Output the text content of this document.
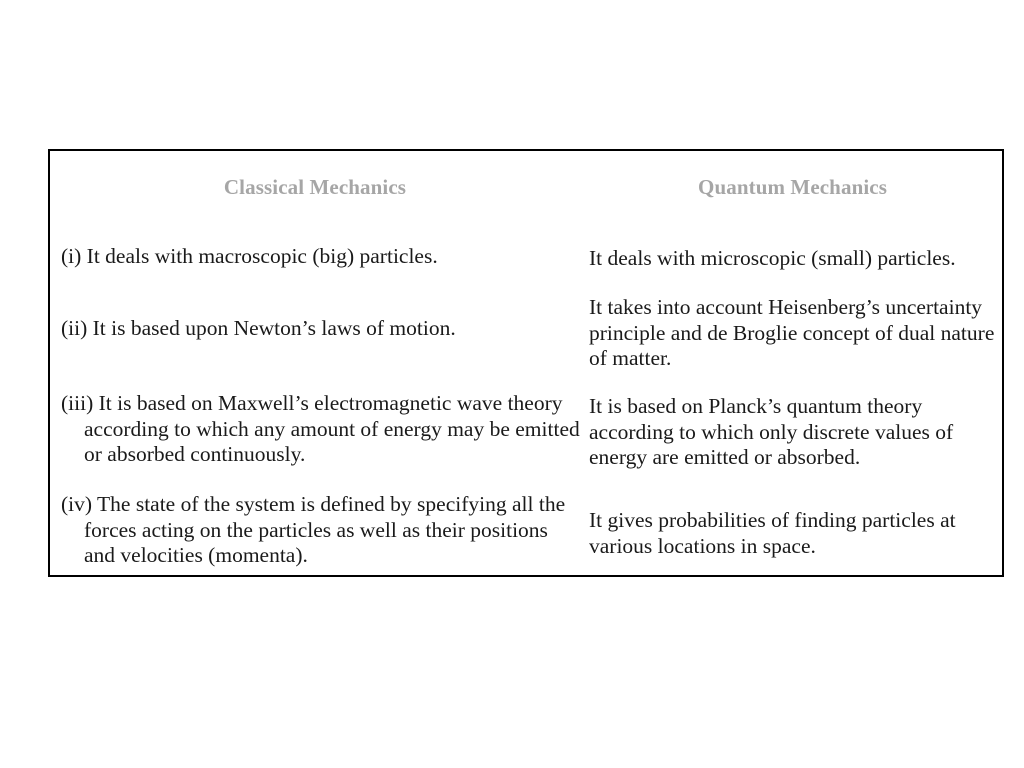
Classical Mechanics	Quantum Mechanics
(i) It deals with macroscopic (big) particles.	It deals with microscopic (small) particles.
(ii) It is based upon Newton’s laws of motion.
It takes into account Heisenberg’s uncertainty principle and de Broglie concept of dual nature of matter.
(iii) It is based on Maxwell’s electromagnetic wave theory according to which any amount of energy may be emitted or absorbed continuously.
It is based on Planck’s quantum theory according to which only discrete values of energy are emitted or absorbed.
(iv) The state of the system is defined by specifying all the forces acting on the particles as well as their positions and velocities (momenta).
It gives probabilities of finding particles at various locations in space.
